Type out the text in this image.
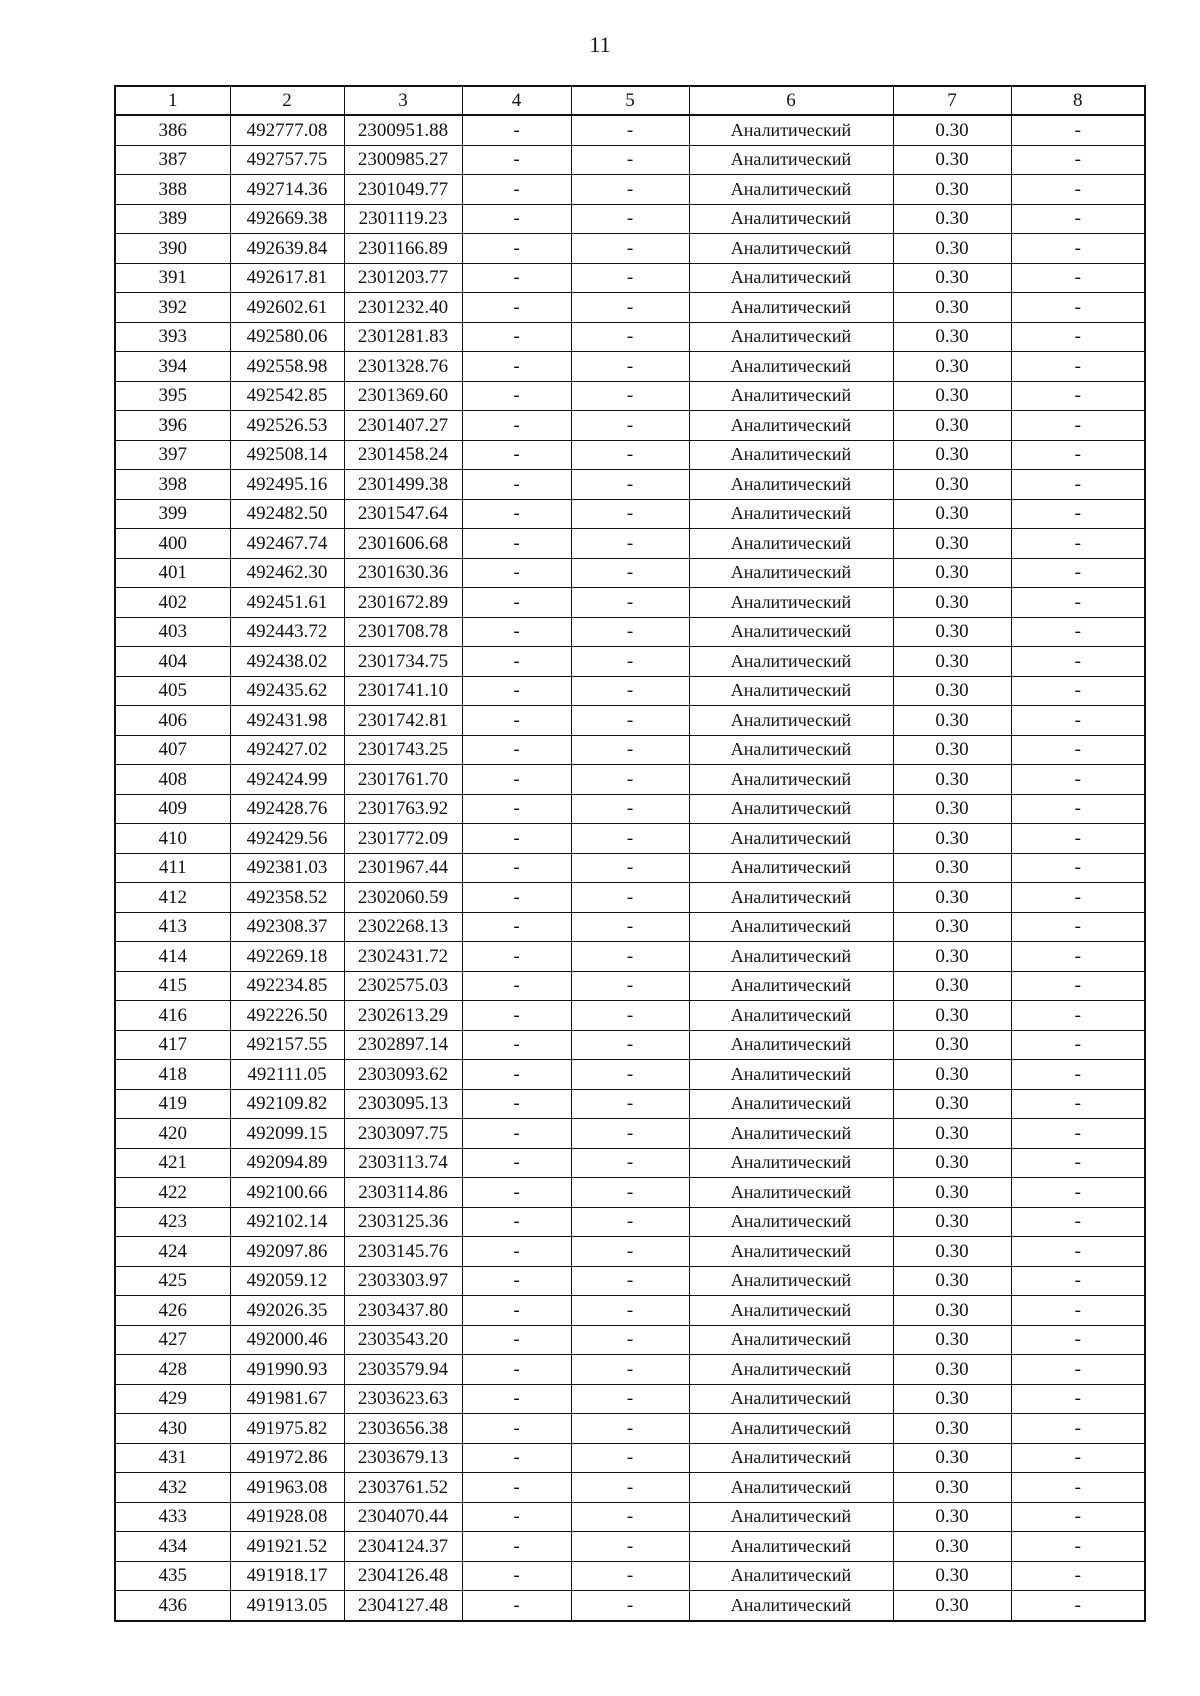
11
1	2	3	4	5	6	7	8
386	492777.08	2300951.88	-	-	Аналитический	0.30	-
387	492757.75	2300985.27	-	-	Аналитический	0.30	-
388	492714.36	2301049.77	-	-	Аналитический	0.30	-
389	492669.38	2301119.23	-	-	Аналитический	0.30	-
390	492639.84	2301166.89	-	-	Аналитический	0.30	-
391	492617.81	2301203.77	-	-	Аналитический	0.30	-
392	492602.61	2301232.40	-	-	Аналитический	0.30	-
393	492580.06	2301281.83	-	-	Аналитический	0.30	-
394	492558.98	2301328.76	-	-	Аналитический	0.30	-
395	492542.85	2301369.60	-	-	Аналитический	0.30	-
396	492526.53	2301407.27	-	-	Аналитический	0.30	-
397	492508.14	2301458.24	-	-	Аналитический	0.30	-
398	492495.16	2301499.38	-	-	Аналитический	0.30	-
399	492482.50	2301547.64	-	-	Аналитический	0.30	-
400	492467.74	2301606.68	-	-	Аналитический	0.30	-
401	492462.30	2301630.36	-	-	Аналитический	0.30	-
402	492451.61	2301672.89	-	-	Аналитический	0.30	-
403	492443.72	2301708.78	-	-	Аналитический	0.30	-
404	492438.02	2301734.75	-	-	Аналитический	0.30	-
405	492435.62	2301741.10	-	-	Аналитический	0.30	-
406	492431.98	2301742.81	-	-	Аналитический	0.30	-
407	492427.02	2301743.25	-	-	Аналитический	0.30	-
408	492424.99	2301761.70	-	-	Аналитический	0.30	-
409	492428.76	2301763.92	-	-	Аналитический	0.30	-
410	492429.56	2301772.09	-	-	Аналитический	0.30	-
411	492381.03	2301967.44	-	-	Аналитический	0.30	-
412	492358.52	2302060.59	-	-	Аналитический	0.30	-
413	492308.37	2302268.13	-	-	Аналитический	0.30	-
414	492269.18	2302431.72	-	-	Аналитический	0.30	-
415	492234.85	2302575.03	-	-	Аналитический	0.30	-
416	492226.50	2302613.29	-	-	Аналитический	0.30	-
417	492157.55	2302897.14	-	-	Аналитический	0.30	-
418	492111.05	2303093.62	-	-	Аналитический	0.30	-
419	492109.82	2303095.13	-	-	Аналитический	0.30	-
420	492099.15	2303097.75	-	-	Аналитический	0.30	-
421	492094.89	2303113.74	-	-	Аналитический	0.30	-
422	492100.66	2303114.86	-	-	Аналитический	0.30	-
423	492102.14	2303125.36	-	-	Аналитический	0.30	-
424	492097.86	2303145.76	-	-	Аналитический	0.30	-
425	492059.12	2303303.97	-	-	Аналитический	0.30	-
426	492026.35	2303437.80	-	-	Аналитический	0.30	-
427	492000.46	2303543.20	-	-	Аналитический	0.30	-
428	491990.93	2303579.94	-	-	Аналитический	0.30	-
429	491981.67	2303623.63	-	-	Аналитический	0.30	-
430	491975.82	2303656.38	-	-	Аналитический	0.30	-
431	491972.86	2303679.13	-	-	Аналитический	0.30	-
432	491963.08	2303761.52	-	-	Аналитический	0.30	-
433	491928.08	2304070.44	-	-	Аналитический	0.30	-
434	491921.52	2304124.37	-	-	Аналитический	0.30	-
435	491918.17	2304126.48	-	-	Аналитический	0.30	-
436	491913.05	2304127.48	-	-	Аналитический	0.30	-
